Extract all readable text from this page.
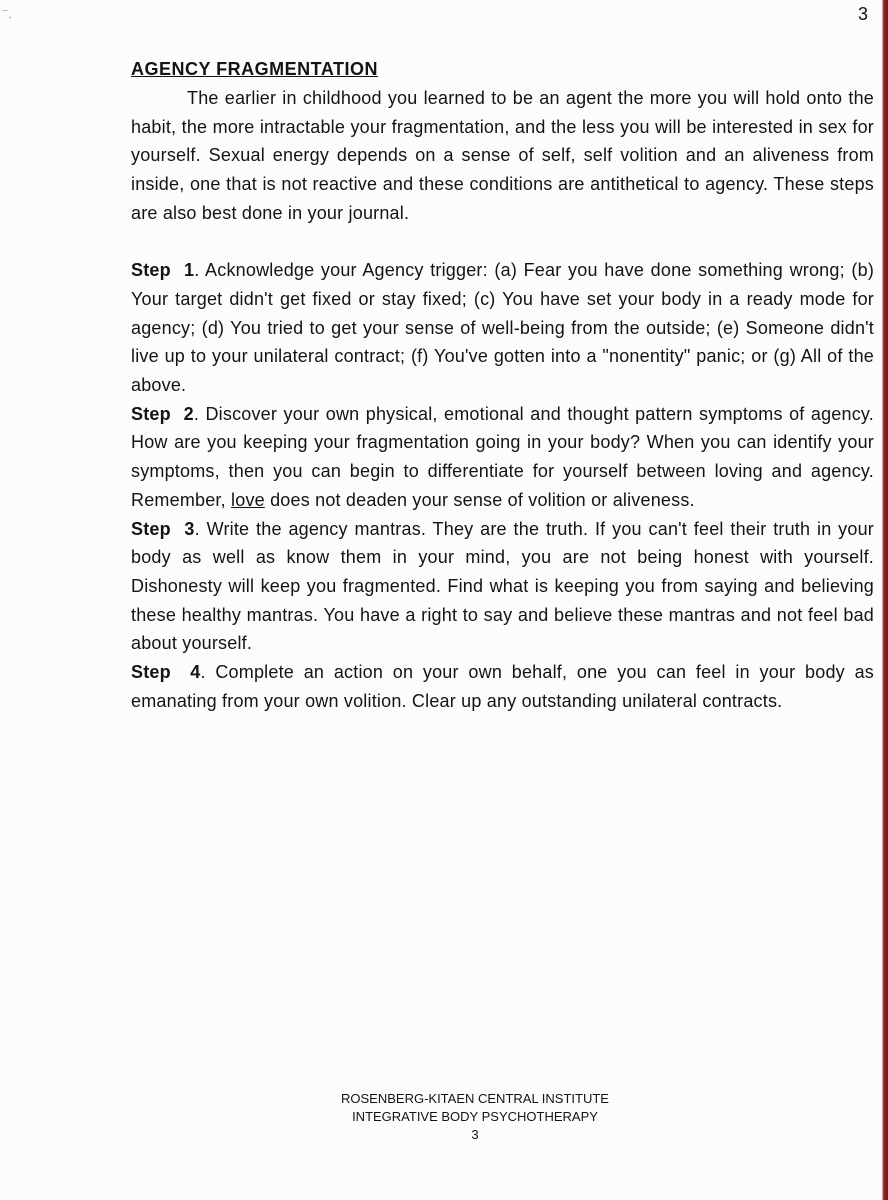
⁻ˎ	3
AGENCY FRAGMENTATION

The earlier in childhood you learned to be an agent the more you will hold onto the habit, the more intractable your fragmentation, and the less you will be interested in sex for yourself. Sexual energy depends on a sense of self, self volition and an aliveness from inside, one that is not reactive and these conditions are antithetical to agency. These steps are also best done in your journal.

Step 1. Acknowledge your Agency trigger: (a) Fear you have done something wrong; (b) Your target didn't get fixed or stay fixed; (c) You have set your body in a ready mode for agency; (d) You tried to get your sense of well-being from the outside; (e) Someone didn't live up to your unilateral contract; (f) You've gotten into a "nonentity" panic; or (g) All of the above.

Step 2. Discover your own physical, emotional and thought pattern symptoms of agency. How are you keeping your fragmentation going in your body? When you can identify your symptoms, then you can begin to differentiate for yourself between loving and agency. Remember, love does not deaden your sense of volition or aliveness.

Step 3. Write the agency mantras. They are the truth. If you can't feel their truth in your body as well as know them in your mind, you are not being honest with yourself. Dishonesty will keep you fragmented. Find what is keeping you from saying and believing these healthy mantras. You have a right to say and believe these mantras and not feel bad about yourself.

Step 4. Complete an action on your own behalf, one you can feel in your body as emanating from your own volition. Clear up any outstanding unilateral contracts.

ROSENBERG-KITAEN CENTRAL INSTITUTE
INTEGRATIVE BODY PSYCHOTHERAPY
3
